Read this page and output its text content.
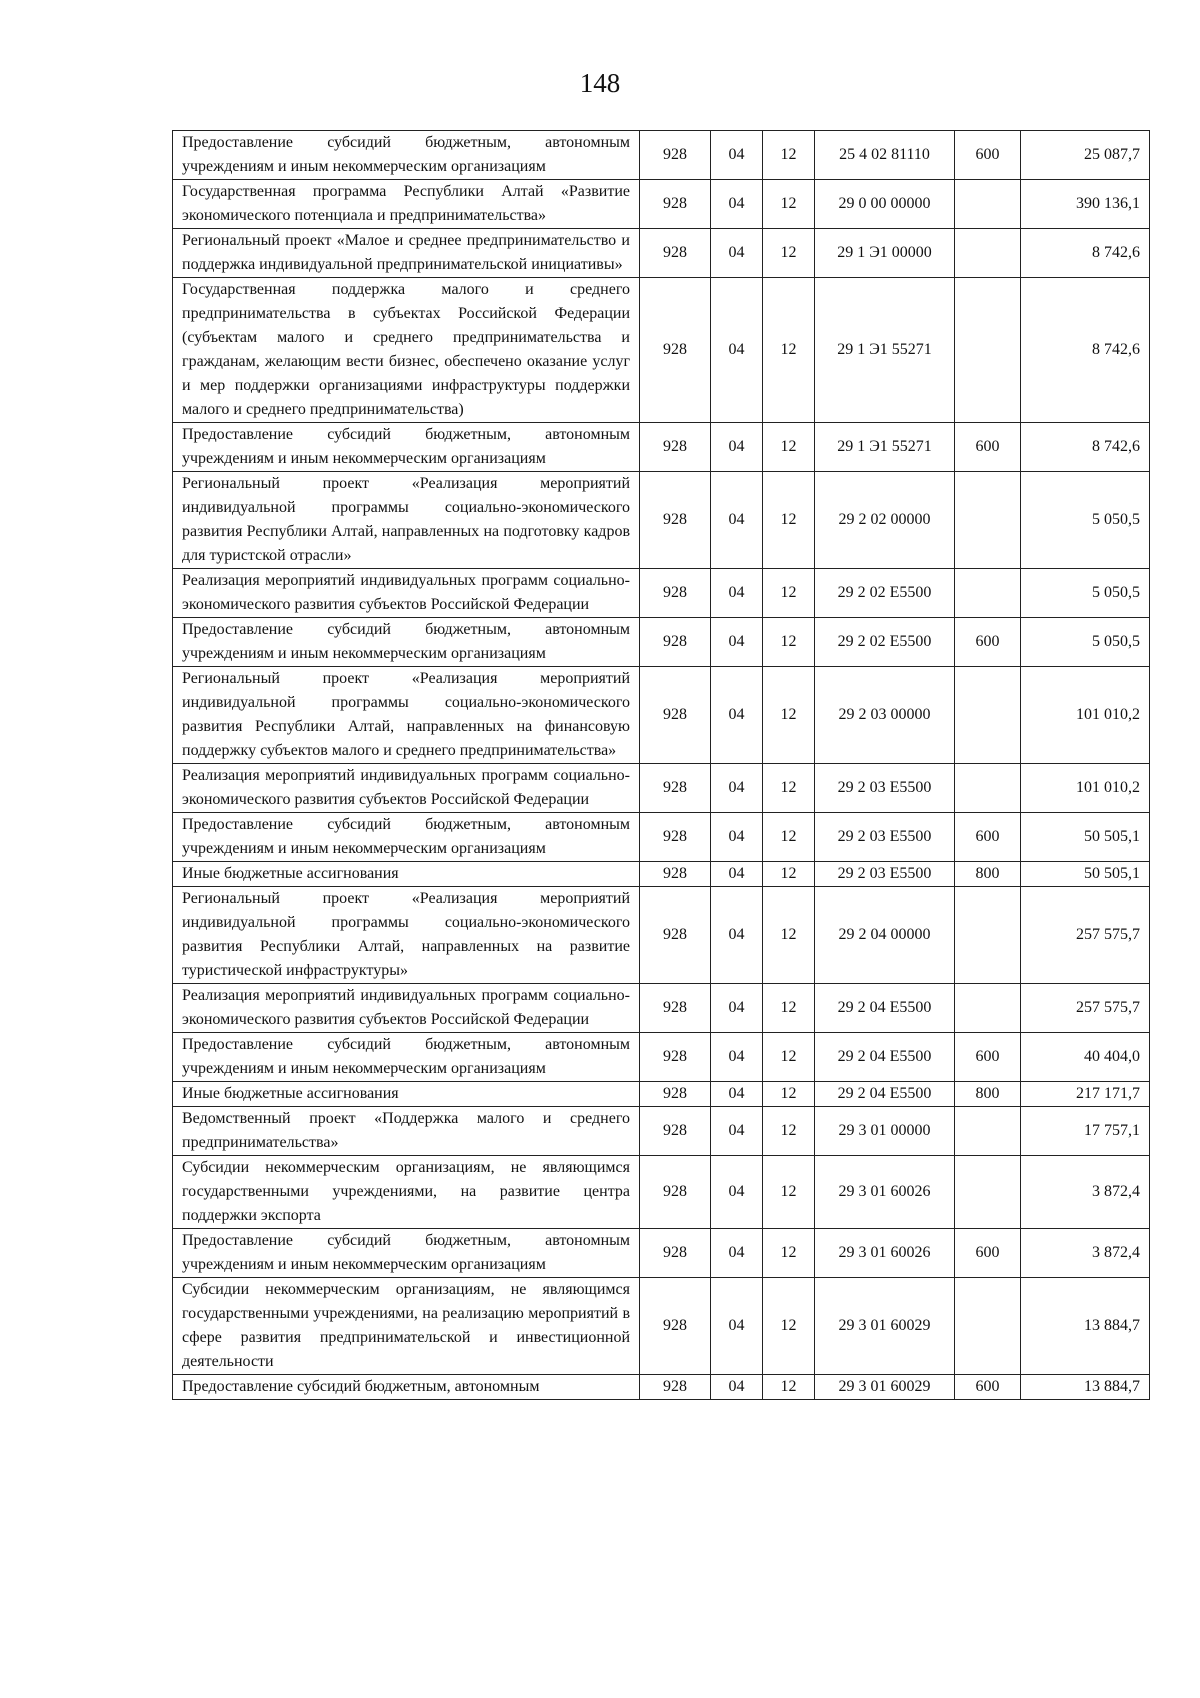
148
Предоставление субсидий бюджетным, автономным учреждениям и иным некоммерческим организациям	928	04	12	25 4 02 81110	600	25 087,7
Государственная программа Республики Алтай «Развитие экономического потенциала и предпринимательства»	928	04	12	29 0 00 00000		390 136,1
Региональный проект «Малое и среднее предпринимательство и поддержка индивидуальной предпринимательской инициативы»	928	04	12	29 1 Э1 00000		8 742,6
Государственная поддержка малого и среднего предпринимательства в субъектах Российской Федерации (субъектам малого и среднего предпринимательства и гражданам, желающим вести бизнес, обеспечено оказание услуг и мер поддержки организациями инфраструктуры поддержки малого и среднего предпринимательства)	928	04	12	29 1 Э1 55271		8 742,6
Предоставление субсидий бюджетным, автономным учреждениям и иным некоммерческим организациям	928	04	12	29 1 Э1 55271	600	8 742,6
Региональный проект «Реализация мероприятий индивидуальной программы социально-экономического развития Республики Алтай, направленных на подготовку кадров для туристской отрасли»	928	04	12	29 2 02 00000		5 050,5
Реализация мероприятий индивидуальных программ социально-экономического развития субъектов Российской Федерации	928	04	12	29 2 02 Е5500		5 050,5
Предоставление субсидий бюджетным, автономным учреждениям и иным некоммерческим организациям	928	04	12	29 2 02 Е5500	600	5 050,5
Региональный проект «Реализация мероприятий индивидуальной программы социально-экономического развития Республики Алтай, направленных на финансовую поддержку субъектов малого и среднего предпринимательства»	928	04	12	29 2 03 00000		101 010,2
Реализация мероприятий индивидуальных программ социально-экономического развития субъектов Российской Федерации	928	04	12	29 2 03 Е5500		101 010,2
Предоставление субсидий бюджетным, автономным учреждениям и иным некоммерческим организациям	928	04	12	29 2 03 Е5500	600	50 505,1
Иные бюджетные ассигнования	928	04	12	29 2 03 Е5500	800	50 505,1
Региональный проект «Реализация мероприятий индивидуальной программы социально-экономического развития Республики Алтай, направленных на развитие туристической инфраструктуры»	928	04	12	29 2 04 00000		257 575,7
Реализация мероприятий индивидуальных программ социально-экономического развития субъектов Российской Федерации	928	04	12	29 2 04 Е5500		257 575,7
Предоставление субсидий бюджетным, автономным учреждениям и иным некоммерческим организациям	928	04	12	29 2 04 Е5500	600	40 404,0
Иные бюджетные ассигнования	928	04	12	29 2 04 Е5500	800	217 171,7
Ведомственный проект «Поддержка малого и среднего предпринимательства»	928	04	12	29 3 01 00000		17 757,1
Субсидии некоммерческим организациям, не являющимся государственными учреждениями, на развитие центра поддержки экспорта	928	04	12	29 3 01 60026		3 872,4
Предоставление субсидий бюджетным, автономным учреждениям и иным некоммерческим организациям	928	04	12	29 3 01 60026	600	3 872,4
Субсидии некоммерческим организациям, не являющимся государственными учреждениями, на реализацию мероприятий в сфере развития предпринимательской и инвестиционной деятельности	928	04	12	29 3 01 60029		13 884,7
Предоставление субсидий бюджетным, автономным	928	04	12	29 3 01 60029	600	13 884,7
